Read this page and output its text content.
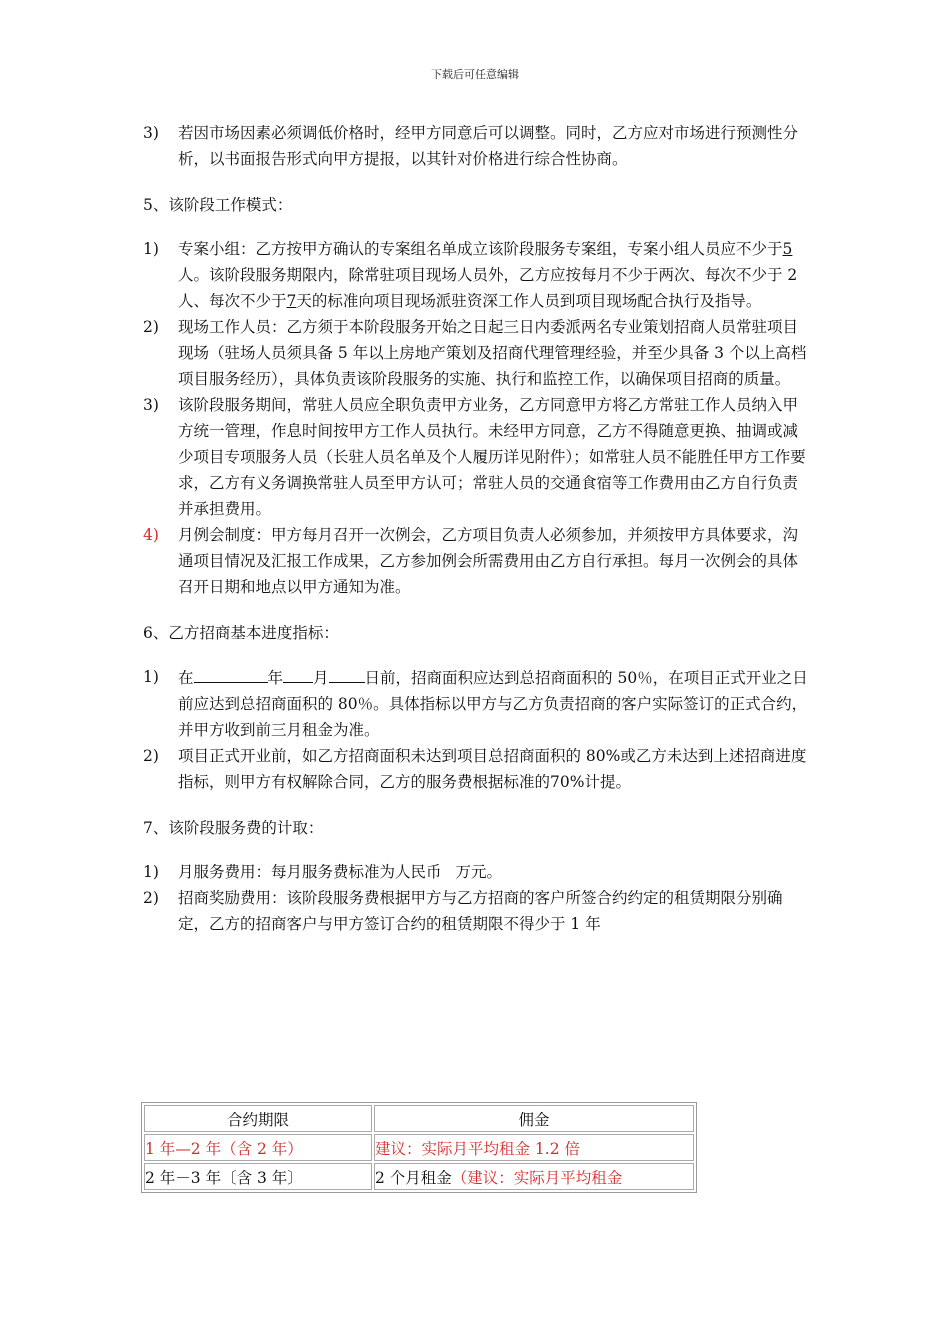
下载后可任意编辑
3)	若因市场因素必须调低价格时，经甲方同意后可以调整。同时，乙方应对市场进行预测性分析，以书面报告形式向甲方提报，以其针对价格进行综合性协商。
5、该阶段工作模式：
1)	专案小组：乙方按甲方确认的专案组名单成立该阶段服务专案组，专案小组人员应不少于5人。该阶段服务期限内，除常驻项目现场人员外，乙方应按每月不少于两次、每次不少于 2 人、每次不少于7天的标准向项目现场派驻资深工作人员到项目现场配合执行及指导。
2)	现场工作人员：乙方须于本阶段服务开始之日起三日内委派两名专业策划招商人员常驻项目现场（驻场人员须具备 5 年以上房地产策划及招商代理管理经验，并至少具备 3 个以上高档项目服务经历），具体负责该阶段服务的实施、执行和监控工作，以确保项目招商的质量。
3)	该阶段服务期间，常驻人员应全职负责甲方业务，乙方同意甲方将乙方常驻工作人员纳入甲方统一管理，作息时间按甲方工作人员执行。未经甲方同意，乙方不得随意更换、抽调或减少项目专项服务人员（长驻人员名单及个人履历详见附件）；如常驻人员不能胜任甲方工作要求，乙方有义务调换常驻人员至甲方认可；常驻人员的交通食宿等工作费用由乙方自行负责并承担费用。
4)	月例会制度：甲方每月召开一次例会，乙方项目负责人必须参加，并须按甲方具体要求，沟通项目情况及汇报工作成果，乙方参加例会所需费用由乙方自行承担。每月一次例会的具体召开日期和地点以甲方通知为准。
6、乙方招商基本进度指标：
1)	在	年 月 日前，招商面积应达到总招商面积的 50％，在项目正式开业之日前应达到总招商面积的 80％。具体指标以甲方与乙方负责招商的客户实际签订的正式合约，并甲方收到前三月租金为准。
2)	项目正式开业前，如乙方招商面积未达到项目总招商面积的 80%或乙方未达到上述招商进度指标，则甲方有权解除合同，乙方的服务费根据标准的70%计提。
7、该阶段服务费的计取：
1)	月服务费用：每月服务费标准为人民币 万元。
2)	招商奖励费用：该阶段服务费根据甲方与乙方招商的客户所签合约约定的租赁期限分别确定，乙方的招商客户与甲方签订合约的租赁期限不得少于 1 年
合约期限	佣金
1 年—2 年（含 2 年）	建议：实际月平均租金 1.2 倍
2 年－3 年〔含 3 年〕	2 个月租金（建议：实际月平均租金
